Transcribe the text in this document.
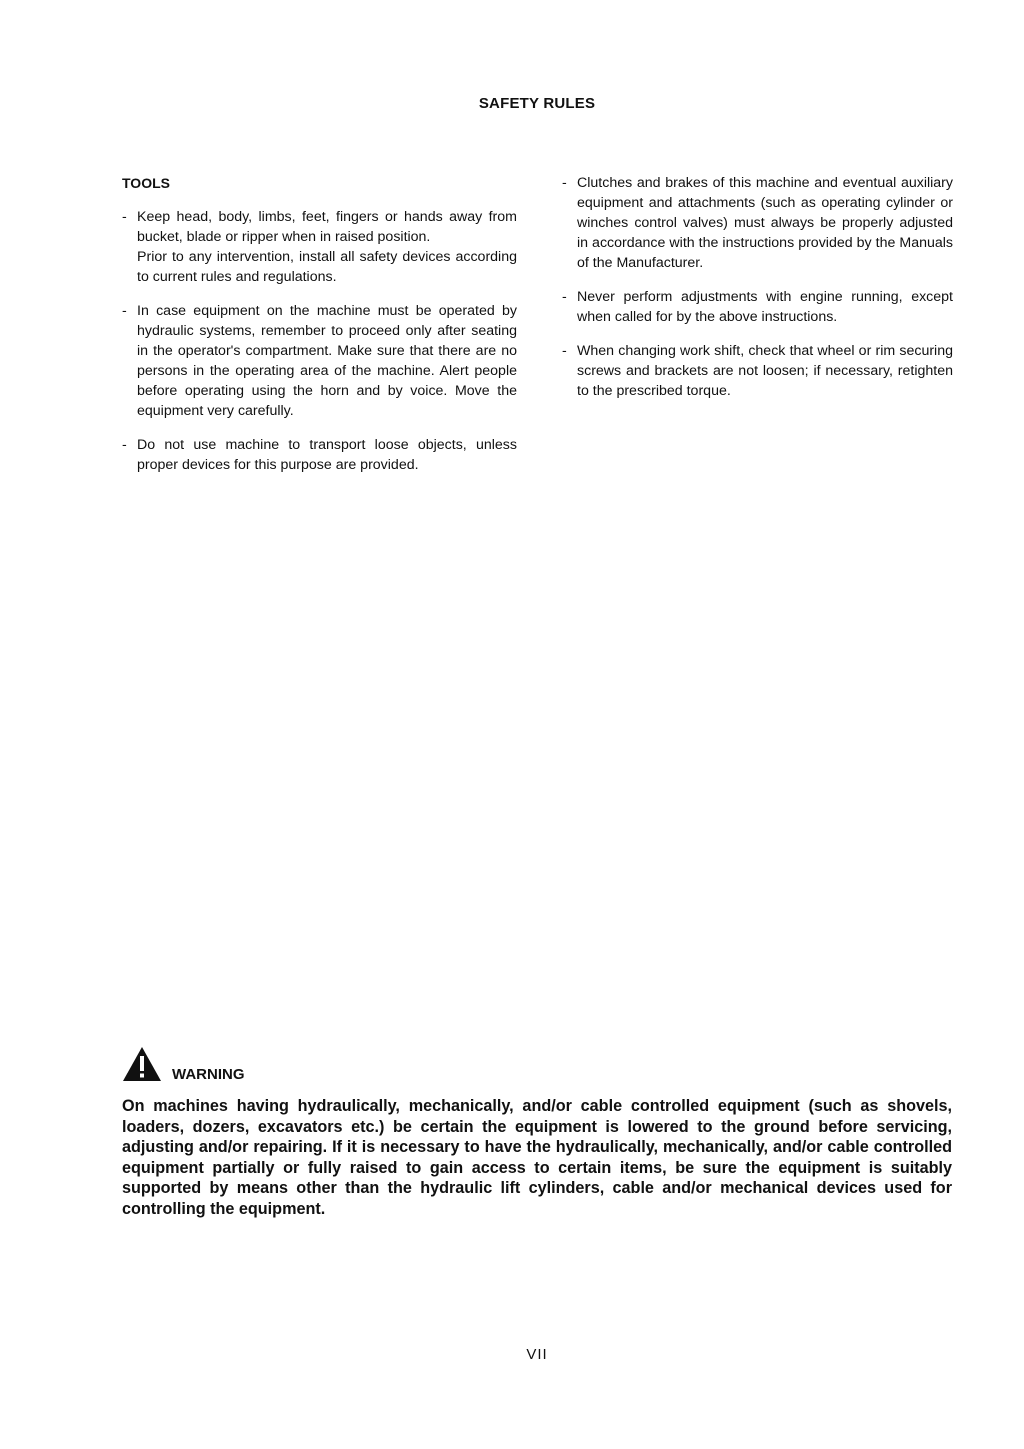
SAFETY RULES
TOOLS
- Keep head, body, limbs, feet, fingers or hands away from bucket, blade or ripper when in raised position.

Prior to any intervention, install all safety devices according to current rules and regulations.

- In case equipment on the machine must be operated by hydraulic systems, remember to proceed only after seating in the operator's compartment. Make sure that there are no persons in the operating area of the machine. Alert people before operating using the horn and by voice. Move the equipment very carefully.

- Do not use machine to transport loose objects, unless proper devices for this purpose are provided.

- Clutches and brakes of this machine and eventual auxiliary equipment and attachments (such as operating cylinder or winches control valves) must always be properly adjusted in accordance with the instructions provided by the Manuals of the Manufacturer.

- Never perform adjustments with engine running, except when called for by the above instructions.

- When changing work shift, check that wheel or rim securing screws and brackets are not loosen; if necessary, retighten to the prescribed torque.

WARNING
On machines having hydraulically, mechanically, and/or cable controlled equipment (such as shovels, loaders, dozers, excavators etc.) be certain the equipment is lowered to the ground before servicing, adjusting and/or repairing. If it is necessary to have the hydraulically, mechanically, and/or cable controlled equipment partially or fully raised to gain access to certain items, be sure the equipment is suitably supported by means other than the hydraulic lift cylinders, cable and/or mechanical devices used for controlling the equipment.
VII
